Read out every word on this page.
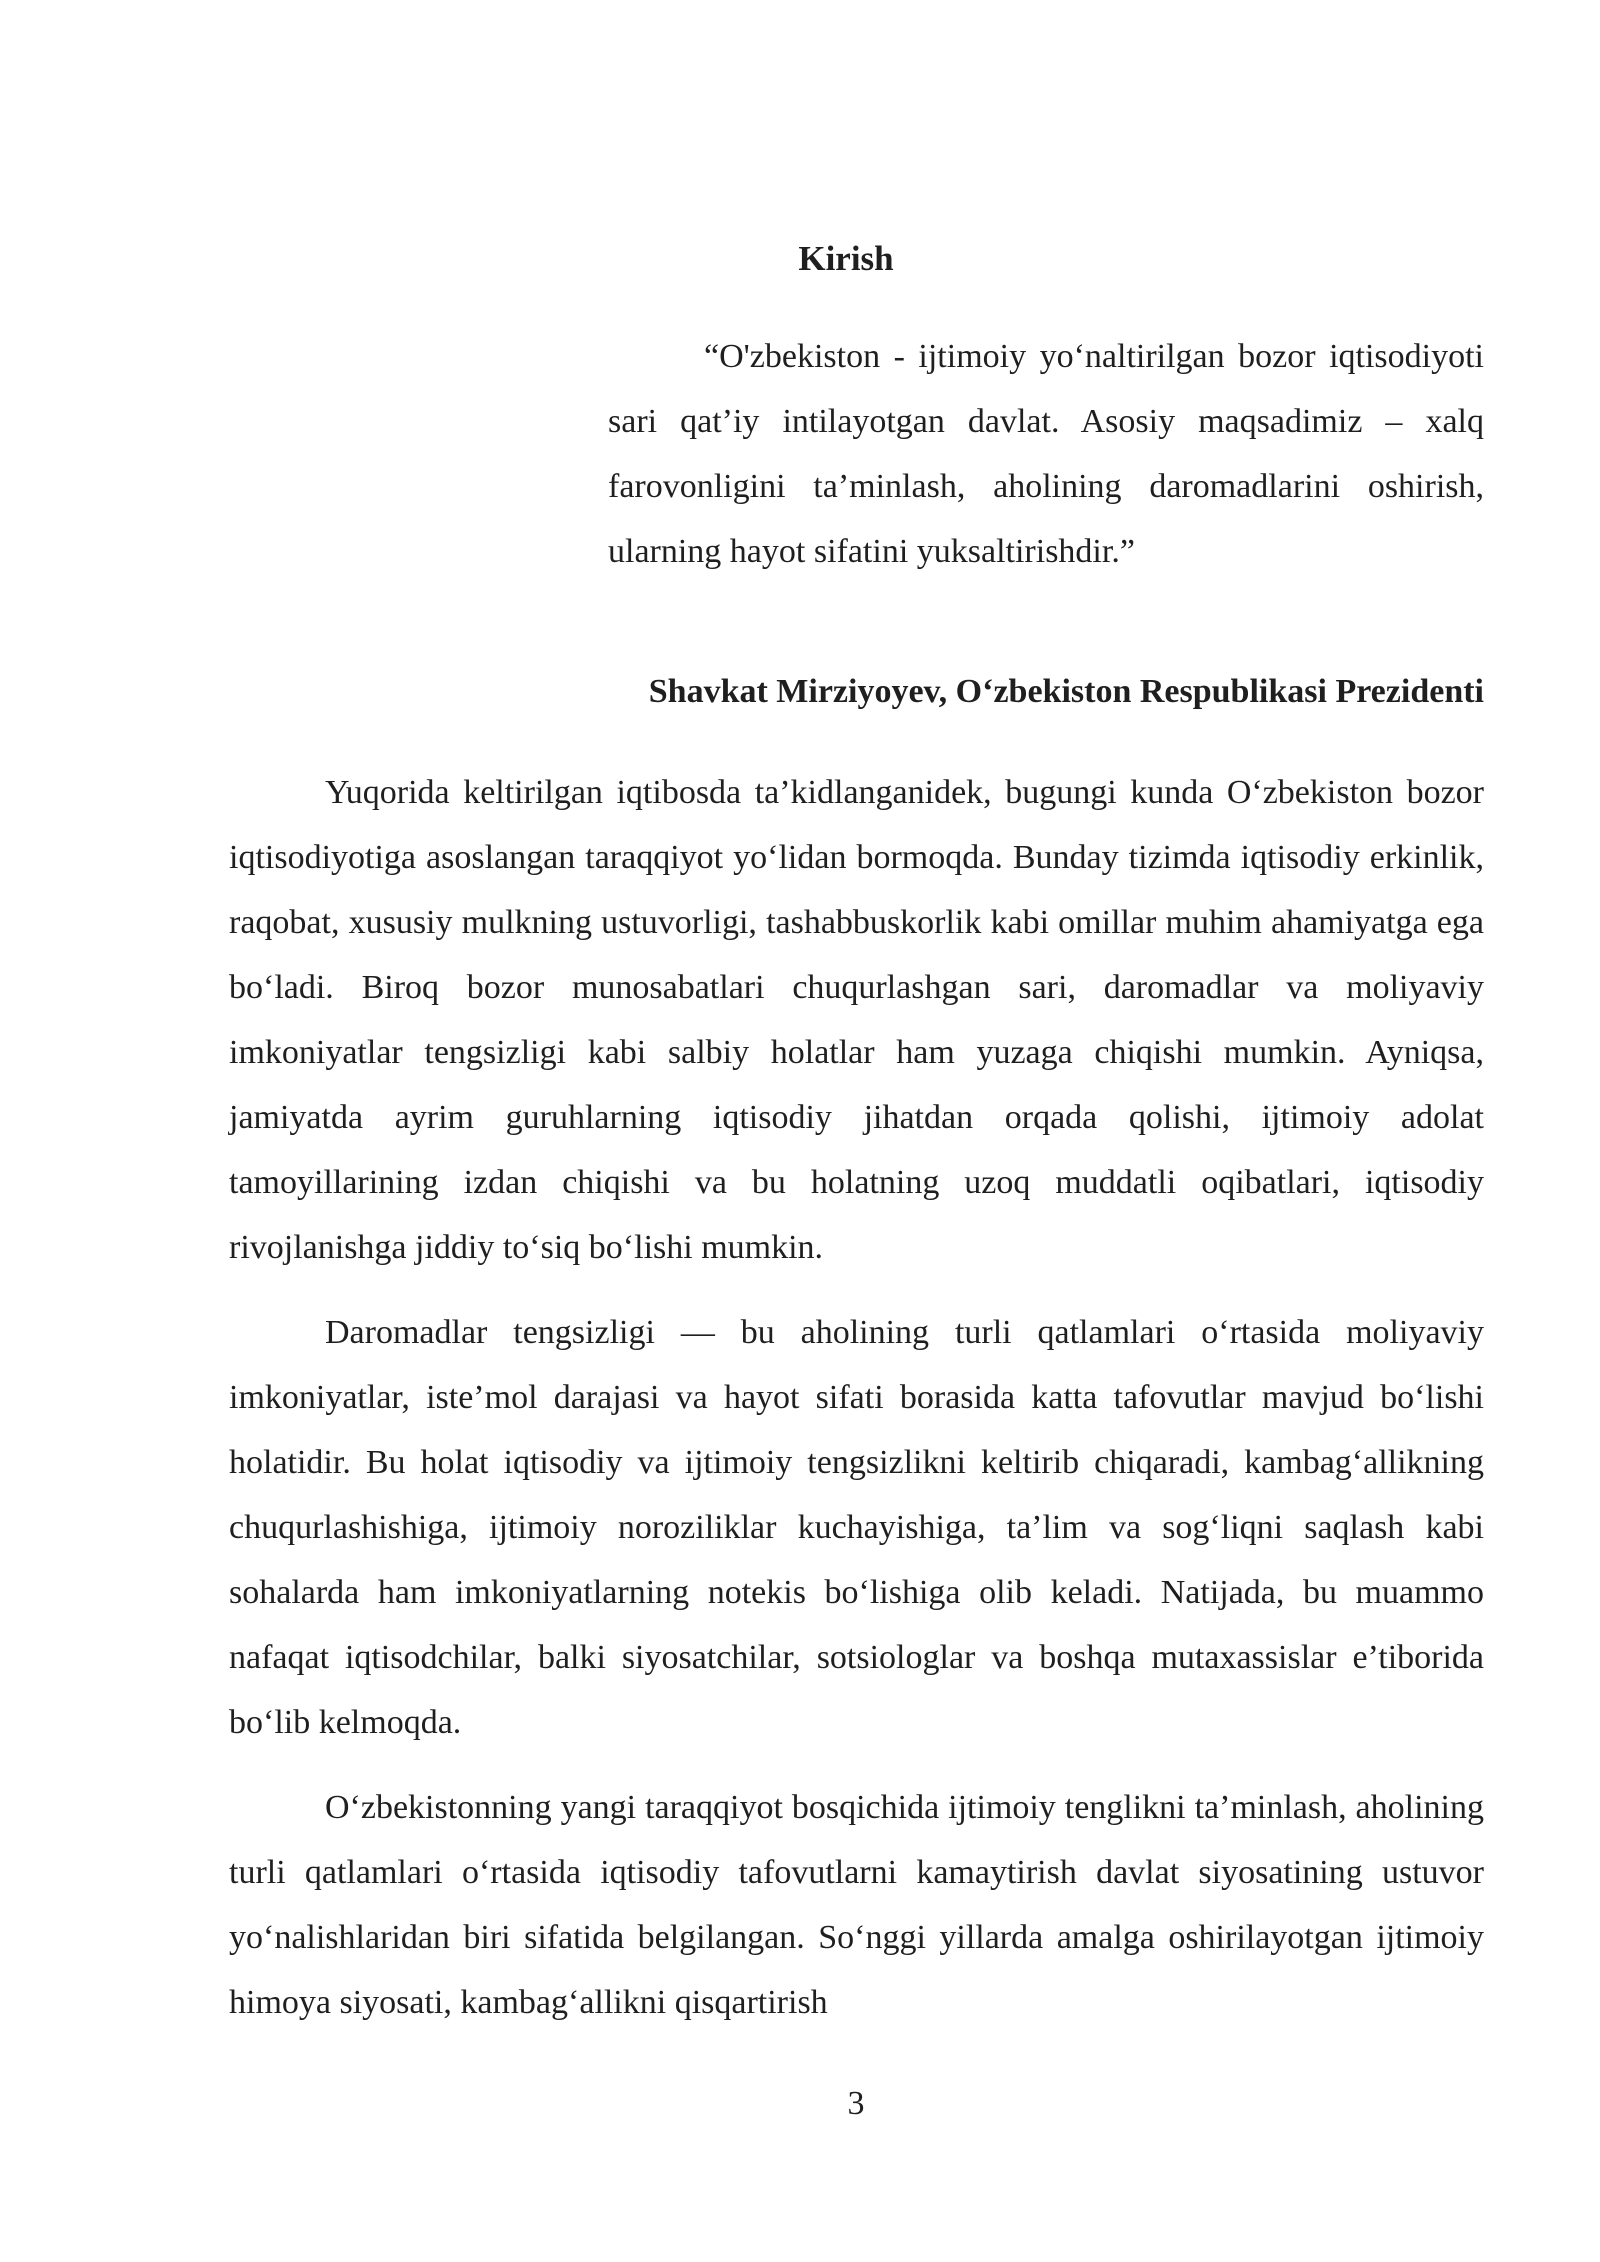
Kirish

“O'zbekiston - ijtimoiy yo‘naltirilgan bozor iqtisodiyoti sari qat’iy intilayotgan davlat. Asosiy maqsadimiz – xalq farovonligini ta’minlash, aholining daromadlarini oshirish, ularning hayot sifatini yuksaltirishdir.”

Shavkat Mirziyoyev, O‘zbekiston Respublikasi Prezidenti

Yuqorida keltirilgan iqtibosda ta’kidlanganidek, bugungi kunda O‘zbekiston bozor iqtisodiyotiga asoslangan taraqqiyot yo‘lidan bormoqda. Bunday tizimda iqtisodiy erkinlik, raqobat, xususiy mulkning ustuvorligi, tashabbuskorlik kabi omillar muhim ahamiyatga ega bo‘ladi. Biroq bozor munosabatlari chuqurlashgan sari, daromadlar va moliyaviy imkoniyatlar tengsizligi kabi salbiy holatlar ham yuzaga chiqishi mumkin. Ayniqsa, jamiyatda ayrim guruhlarning iqtisodiy jihatdan orqada qolishi, ijtimoiy adolat tamoyillarining izdan chiqishi va bu holatning uzoq muddatli oqibatlari, iqtisodiy rivojlanishga jiddiy to‘siq bo‘lishi mumkin.

Daromadlar tengsizligi — bu aholining turli qatlamlari o‘rtasida moliyaviy imkoniyatlar, iste’mol darajasi va hayot sifati borasida katta tafovutlar mavjud bo‘lishi holatidir. Bu holat iqtisodiy va ijtimoiy tengsizlikni keltirib chiqaradi, kambag‘allikning chuqurlashishiga, ijtimoiy noroziliklar kuchayishiga, ta’lim va sog‘liqni saqlash kabi sohalarda ham imkoniyatlarning notekis bo‘lishiga olib keladi. Natijada, bu muammo nafaqat iqtisodchilar, balki siyosatchilar, sotsiologlar va boshqa mutaxassislar e’tiborida bo‘lib kelmoqda.

O‘zbekistonning yangi taraqqiyot bosqichida ijtimoiy tenglikni ta’minlash, aholining turli qatlamlari o‘rtasida iqtisodiy tafovutlarni kamaytirish davlat siyosatining ustuvor yo‘nalishlaridan biri sifatida belgilangan. So‘nggi yillarda amalga oshirilayotgan ijtimoiy himoya siyosati, kambag‘allikni qisqartirish

3
